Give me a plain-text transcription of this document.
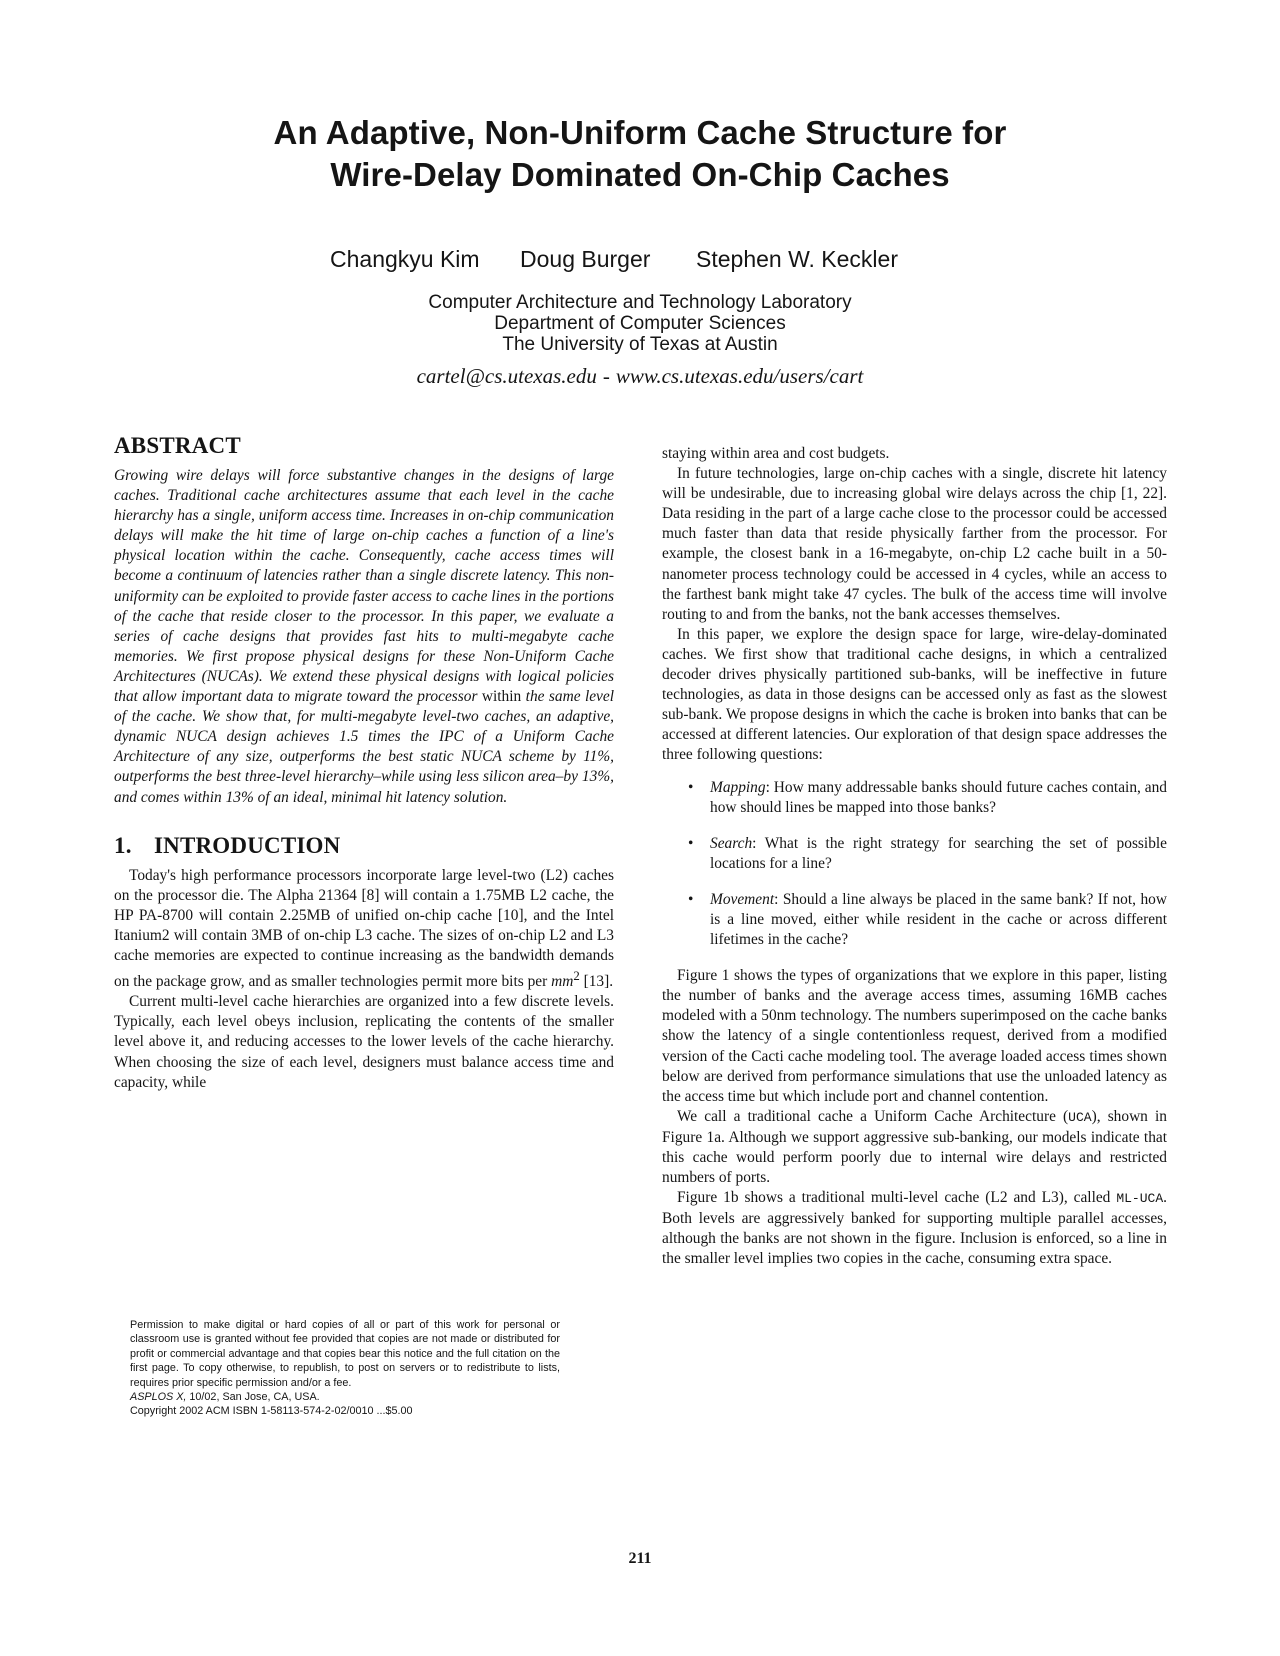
An Adaptive, Non-Uniform Cache Structure for
Wire-Delay Dominated On-Chip Caches
Changkyu Kim Doug Burger Stephen W. Keckler
Computer Architecture and Technology Laboratory
Department of Computer Sciences
The University of Texas at Austin
cartel@cs.utexas.edu - www.cs.utexas.edu/users/cart
ABSTRACT

Growing wire delays will force substantive changes in the designs of large caches. Traditional cache architectures assume that each level in the cache hierarchy has a single, uniform access time. Increases in on-chip communication delays will make the hit time of large on-chip caches a function of a line's physical location within the cache. Consequently, cache access times will become a continuum of latencies rather than a single discrete latency. This non-uniformity can be exploited to provide faster access to cache lines in the portions of the cache that reside closer to the processor. In this paper, we evaluate a series of cache designs that provides fast hits to multi-megabyte cache memories. We first propose physical designs for these Non-Uniform Cache Architectures (NUCAs). We extend these physical designs with logical policies that allow important data to migrate toward the processor within the same level of the cache. We show that, for multi-megabyte level-two caches, an adaptive, dynamic NUCA design achieves 1.5 times the IPC of a Uniform Cache Architecture of any size, outperforms the best static NUCA scheme by 11%, outperforms the best three-level hierarchy–while using less silicon area–by 13%, and comes within 13% of an ideal, minimal hit latency solution.

1. INTRODUCTION

Today's high performance processors incorporate large level-two (L2) caches on the processor die. The Alpha 21364 [8] will contain a 1.75MB L2 cache, the HP PA-8700 will contain 2.25MB of unified on-chip cache [10], and the Intel Itanium2 will contain 3MB of on-chip L3 cache. The sizes of on-chip L2 and L3 cache memories are expected to continue increasing as the bandwidth demands on the package grow, and as smaller technologies permit more bits per $mm^2$ [13].

Current multi-level cache hierarchies are organized into a few discrete levels. Typically, each level obeys inclusion, replicating the contents of the smaller level above it, and reducing accesses to the lower levels of the cache hierarchy. When choosing the size of each level, designers must balance access time and capacity, while

Permission to make digital or hard copies of all or part of this work for personal or classroom use is granted without fee provided that copies are not made or distributed for profit or commercial advantage and that copies bear this notice and the full citation on the first page. To copy otherwise, to republish, to post on servers or to redistribute to lists, requires prior specific permission and/or a fee.

ASPLOS X, 10/02, San Jose, CA, USA.

Copyright 2002 ACM ISBN 1-58113-574-2-02/0010 ...$5.00

staying within area and cost budgets.

In future technologies, large on-chip caches with a single, discrete hit latency will be undesirable, due to increasing global wire delays across the chip [1, 22]. Data residing in the part of a large cache close to the processor could be accessed much faster than data that reside physically farther from the processor. For example, the closest bank in a 16-megabyte, on-chip L2 cache built in a 50-nanometer process technology could be accessed in 4 cycles, while an access to the farthest bank might take 47 cycles. The bulk of the access time will involve routing to and from the banks, not the bank accesses themselves.

In this paper, we explore the design space for large, wire-delay-dominated caches. We first show that traditional cache designs, in which a centralized decoder drives physically partitioned sub-banks, will be ineffective in future technologies, as data in those designs can be accessed only as fast as the slowest sub-bank. We propose designs in which the cache is broken into banks that can be accessed at different latencies. Our exploration of that design space addresses the three following questions:

• Mapping: How many addressable banks should future caches contain, and how should lines be mapped into those banks?
• Search: What is the right strategy for searching the set of possible locations for a line?
• Movement: Should a line always be placed in the same bank? If not, how is a line moved, either while resident in the cache or across different lifetimes in the cache?

Figure 1 shows the types of organizations that we explore in this paper, listing the number of banks and the average access times, assuming 16MB caches modeled with a 50nm technology. The numbers superimposed on the cache banks show the latency of a single contentionless request, derived from a modified version of the Cacti cache modeling tool. The average loaded access times shown below are derived from performance simulations that use the unloaded latency as the access time but which include port and channel contention.

We call a traditional cache a Uniform Cache Architecture (UCA), shown in Figure 1a. Although we support aggressive sub-banking, our models indicate that this cache would perform poorly due to internal wire delays and restricted numbers of ports.

Figure 1b shows a traditional multi-level cache (L2 and L3), called ML-UCA. Both levels are aggressively banked for supporting multiple parallel accesses, although the banks are not shown in the figure. Inclusion is enforced, so a line in the smaller level implies two copies in the cache, consuming extra space.

211
